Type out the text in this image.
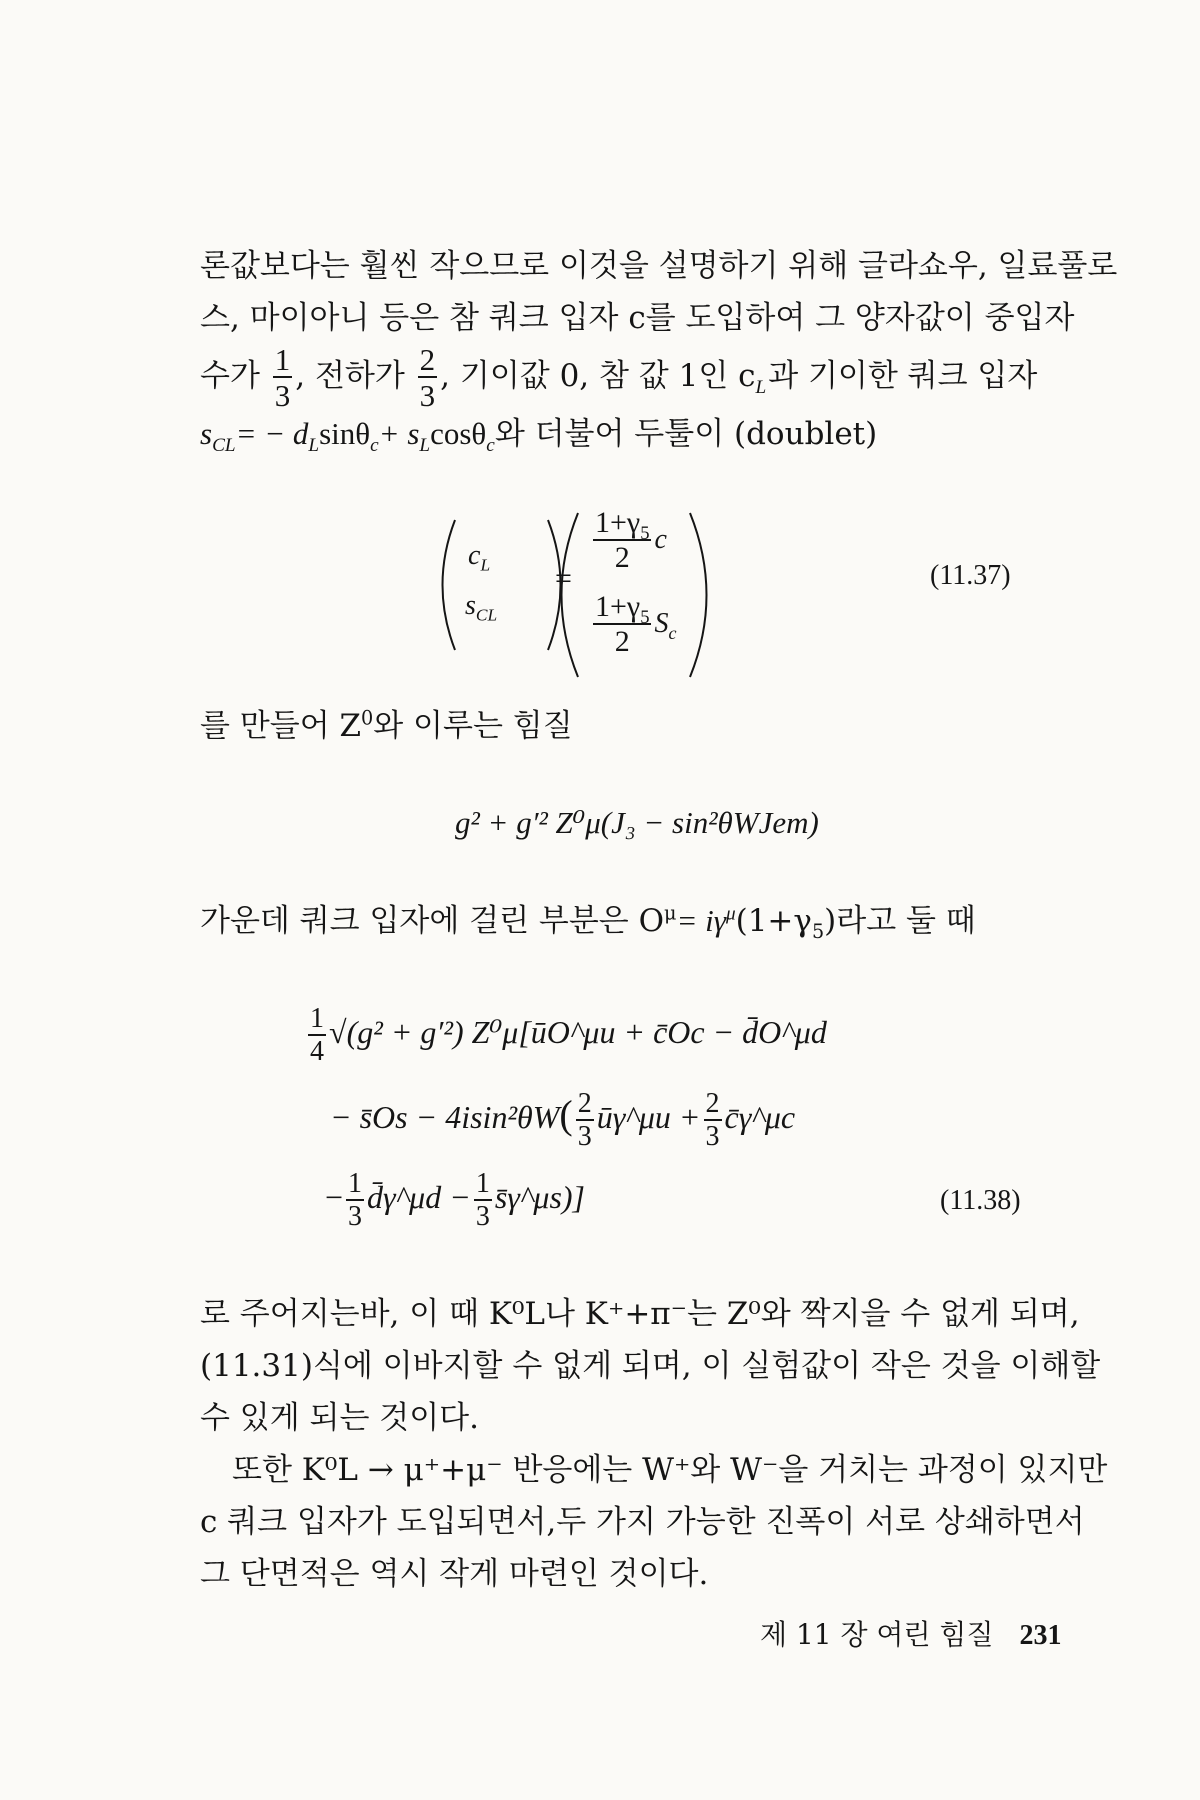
론값보다는 훨씬 작으므로 이것을 설명하기 위해 글라쇼우, 일료풀로
스, 마이아니 등은 참 쿼크 입자 c를 도입하여 그 양자값이 중입자
수가 $\frac{1}{3}$ , 전하가 $\frac{2}{3}$ , 기이값 0, 참 값 1인 $c_L$과 기이한 쿼크 입자
$s_{CL}= - d_L\sin\theta_c+ s_L\cos\theta_c$와 더불어 두툴이 (doublet)
$c_L$
$s_{CL}$
=
$\frac{1+\gamma_5}{2}$ c
$\frac{1+\gamma_5}{2} S_c$
(11.37)
를 만들어 $Z^0$와 이루는 힘질
g² + g′² Z⁰μ(J₃ − sin²θWJem)
가운데 쿼크 입자에 걸린 부분은 $O^\mu= i\gamma^\mu(1+\gamma_5)$라고 둘 때
$\frac{1}{4} √(g^2 + g'^2)$ Z⁰μ[ūO^μu + c̄Oc − d̄O^μd
− s̄Os − $4isin^2\theta W( \frac{2}{3}$ ūγ^μu + $\frac{2}{3}$ c̄γ^μc
− $\frac{1}{3}$ d̄γ^μd − $\frac{1}{3}$ s̄γ^μs)]	(11.38)
로 주어지는바, 이 때 K⁰L나 K⁺+π⁻는 Z⁰와 짝지을 수 없게 되며,
(11.31)식에 이바지할 수 없게 되며, 이 실험값이 작은 것을 이해할
수 있게 되는 것이다.
또한 K⁰L → μ⁺+μ⁻ 반응에는 W⁺와 W⁻을 거치는 과정이 있지만
c 쿼크 입자가 도입되면서,두 가지 가능한 진폭이 서로 상쇄하면서
그 단면적은 역시 작게 마련인 것이다.
제 11 장 여린 힘질 231
